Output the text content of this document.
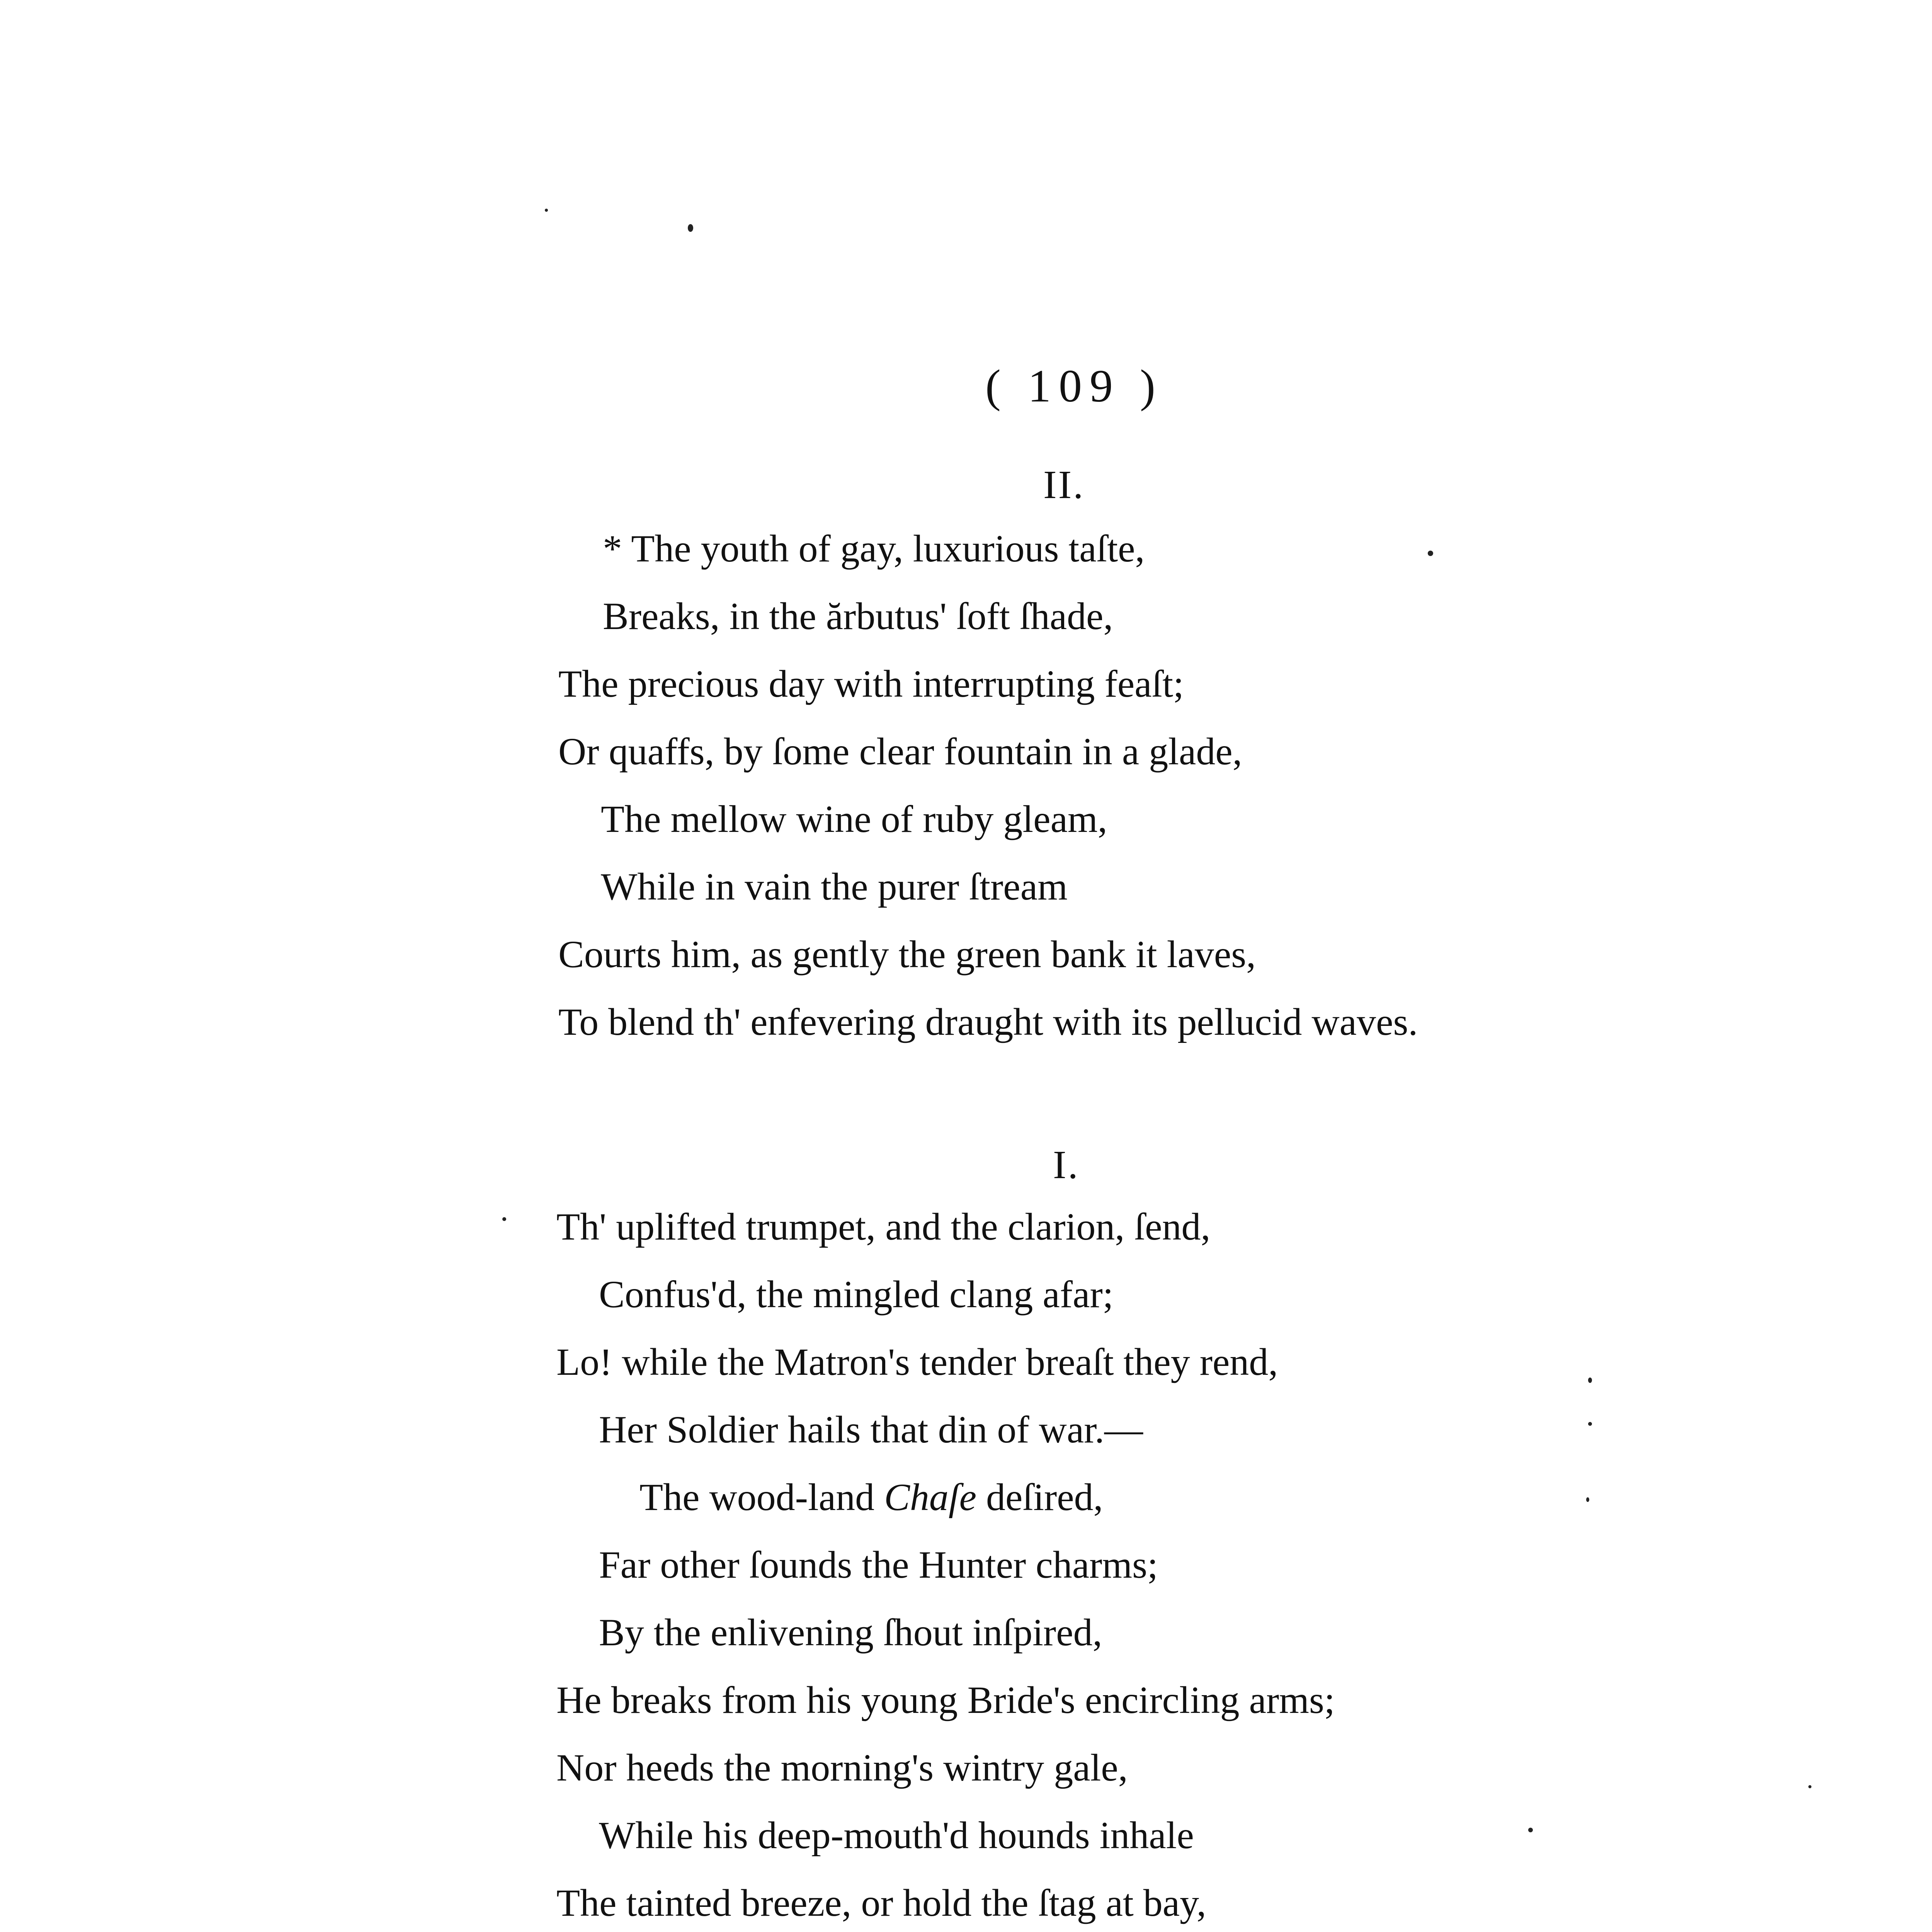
( 109 )
II.
* The youth of gay, luxurious taſte,
Breaks, in the ărbutus' ſoft ſhade,
The precious day with interrupting feaſt;
Or quaffs, by ſome clear fountain in a glade,
The mellow wine of ruby gleam,
While in vain the purer ſtream
Courts him, as gently the green bank it laves,
To blend th' enfevering draught with its pellucid waves.
I.
Th' uplifted trumpet, and the clarion, ſend,
Confus'd, the mingled clang afar;
Lo! while the Matron's tender breaſt they rend,
Her Soldier hails that din of war.—
The wood-land Chaſe deſired,
Far other ſounds the Hunter charms;
By the enlivening ſhout inſpired,
He breaks from his young Bride's encircling arms;
Nor heeds the morning's wintry gale,
While his deep-mouth'd hounds inhale
The tainted breeze, or hold the ſtag at bay,
